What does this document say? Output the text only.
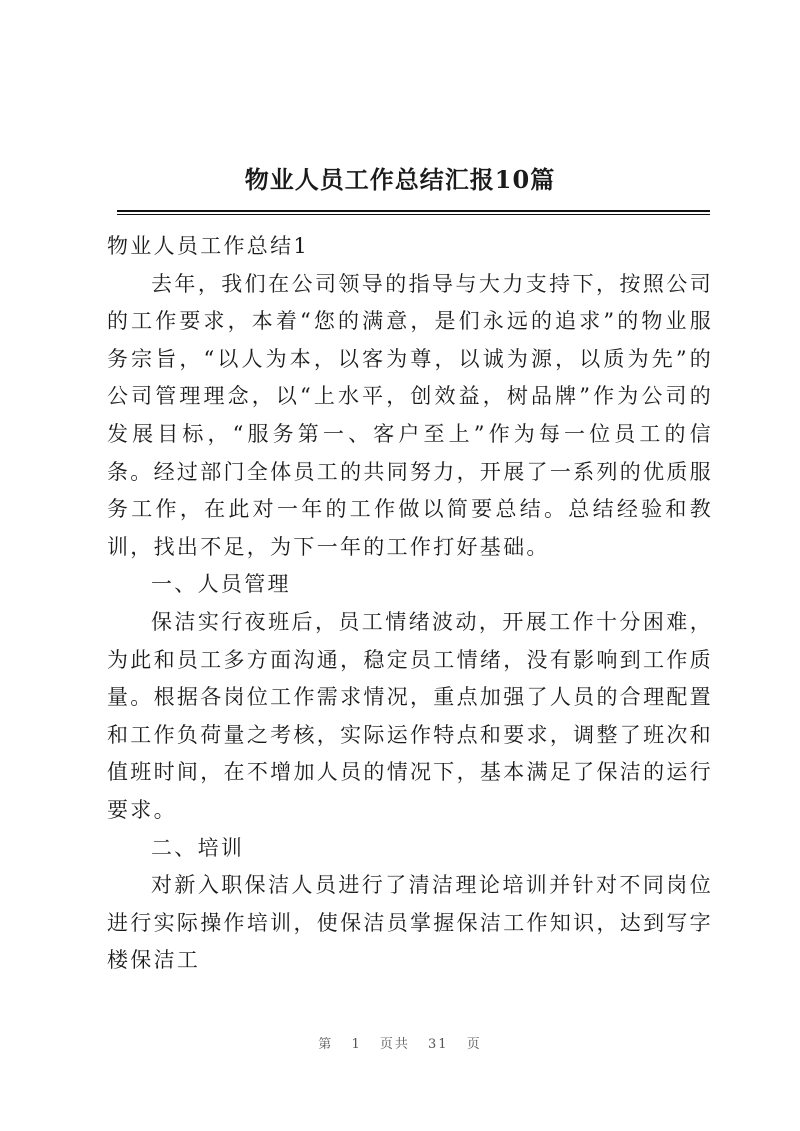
物业人员工作总结汇报10篇

物业人员工作总结1

去年，我们在公司领导的指导与大力支持下，按照公司的工作要求，本着“您的满意，是们永远的追求”的物业服务宗旨，“以人为本，以客为尊，以诚为源，以质为先”的公司管理理念，以“上水平，创效益，树品牌”作为公司的发展目标，“服务第一、客户至上”作为每一位员工的信条。经过部门全体员工的共同努力，开展了一系列的优质服务工作，在此对一年的工作做以简要总结。总结经验和教训，找出不足，为下一年的工作打好基础。

一、人员管理

保洁实行夜班后，员工情绪波动，开展工作十分困难，为此和员工多方面沟通，稳定员工情绪，没有影响到工作质量。根据各岗位工作需求情况，重点加强了人员的合理配置和工作负荷量之考核，实际运作特点和要求，调整了班次和值班时间，在不增加人员的情况下，基本满足了保洁的运行要求。

二、培训

对新入职保洁人员进行了清洁理论培训并针对不同岗位进行实际操作培训，使保洁员掌握保洁工作知识，达到写字楼保洁工

第 1 页共 31 页
